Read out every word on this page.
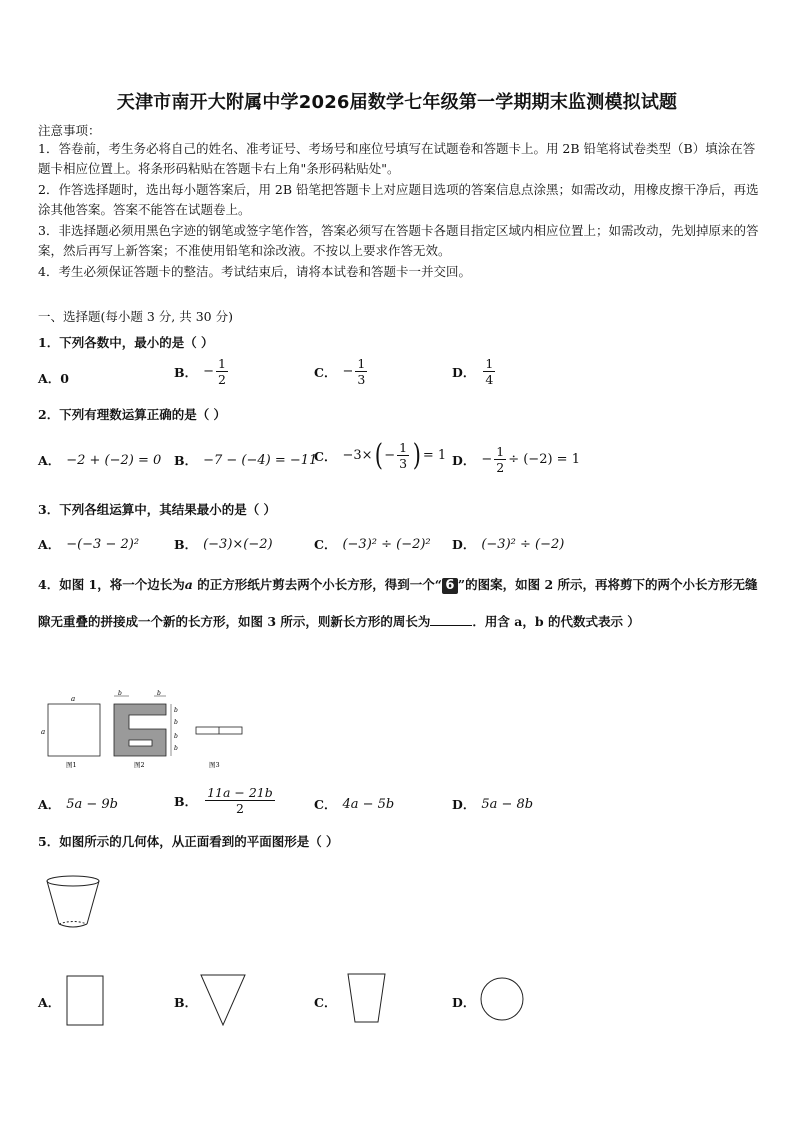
天津市南开大附属中学2026届数学七年级第一学期期末监测模拟试题
注意事项：
1．答卷前，考生务必将自己的姓名、准考证号、考场号和座位号填写在试题卷和答题卡上。用 2B 铅笔将试卷类型（B）填涂在答题卡相应位置上。将条形码粘贴在答题卡右上角"条形码粘贴处"。
2．作答选择题时，选出每小题答案后，用 2B 铅笔把答题卡上对应题目选项的答案信息点涂黑；如需改动，用橡皮擦干净后，再选涂其他答案。答案不能答在试题卷上。
3．非选择题必须用黑色字迹的钢笔或签字笔作答，答案必须写在答题卡各题目指定区域内相应位置上；如需改动，先划掉原来的答案，然后再写上新答案；不准使用铅笔和涂改液。不按以上要求作答无效。
4．考生必须保证答题卡的整洁。考试结束后，请将本试卷和答题卡一并交回。
一、选择题(每小题 3 分, 共 30 分)
1．下列各数中，最小的是（ ）
A．0	B． − $\frac{1}{2}$	C． − $\frac{1}{3}$	D． $\frac{1}{4}$
2．下列有理数运算正确的是（ ）
A． −2 + (−2) = 0 B． −7 − (−4) = −11
C． −3× ( − $\frac{1}{3}$ ) = 1 D． − $\frac{1}{2} \div (-2) = 1$
3．下列各组运算中，其结果最小的是（ ）
A． −(−3 − 2)²	B． (−3)×(−2)	C． (−3)² ÷ (−2)² D． (−3)² ÷ (−2)
4．如图 1，将一个边长为a 的正方形纸片剪去两个小长方形，得到一个“ 6 ”的图案，如图 2 所示，再将剪下的两个小长方形无缝隙无重叠的拼接成一个新的长方形，如图 3 所示，则新长方形的周长为	．用含 a，b 的代数式表示 ）
a
a
b	b
b
b
b
b
图1	图2	图3
A． 5a − 9b	B． $\frac{11a - 21b}{2}$	C． 4a − 5b	D． 5a − 8b
5．如图所示的几何体，从正面看到的平面图形是（ ）
A．	B．	C．	D．
